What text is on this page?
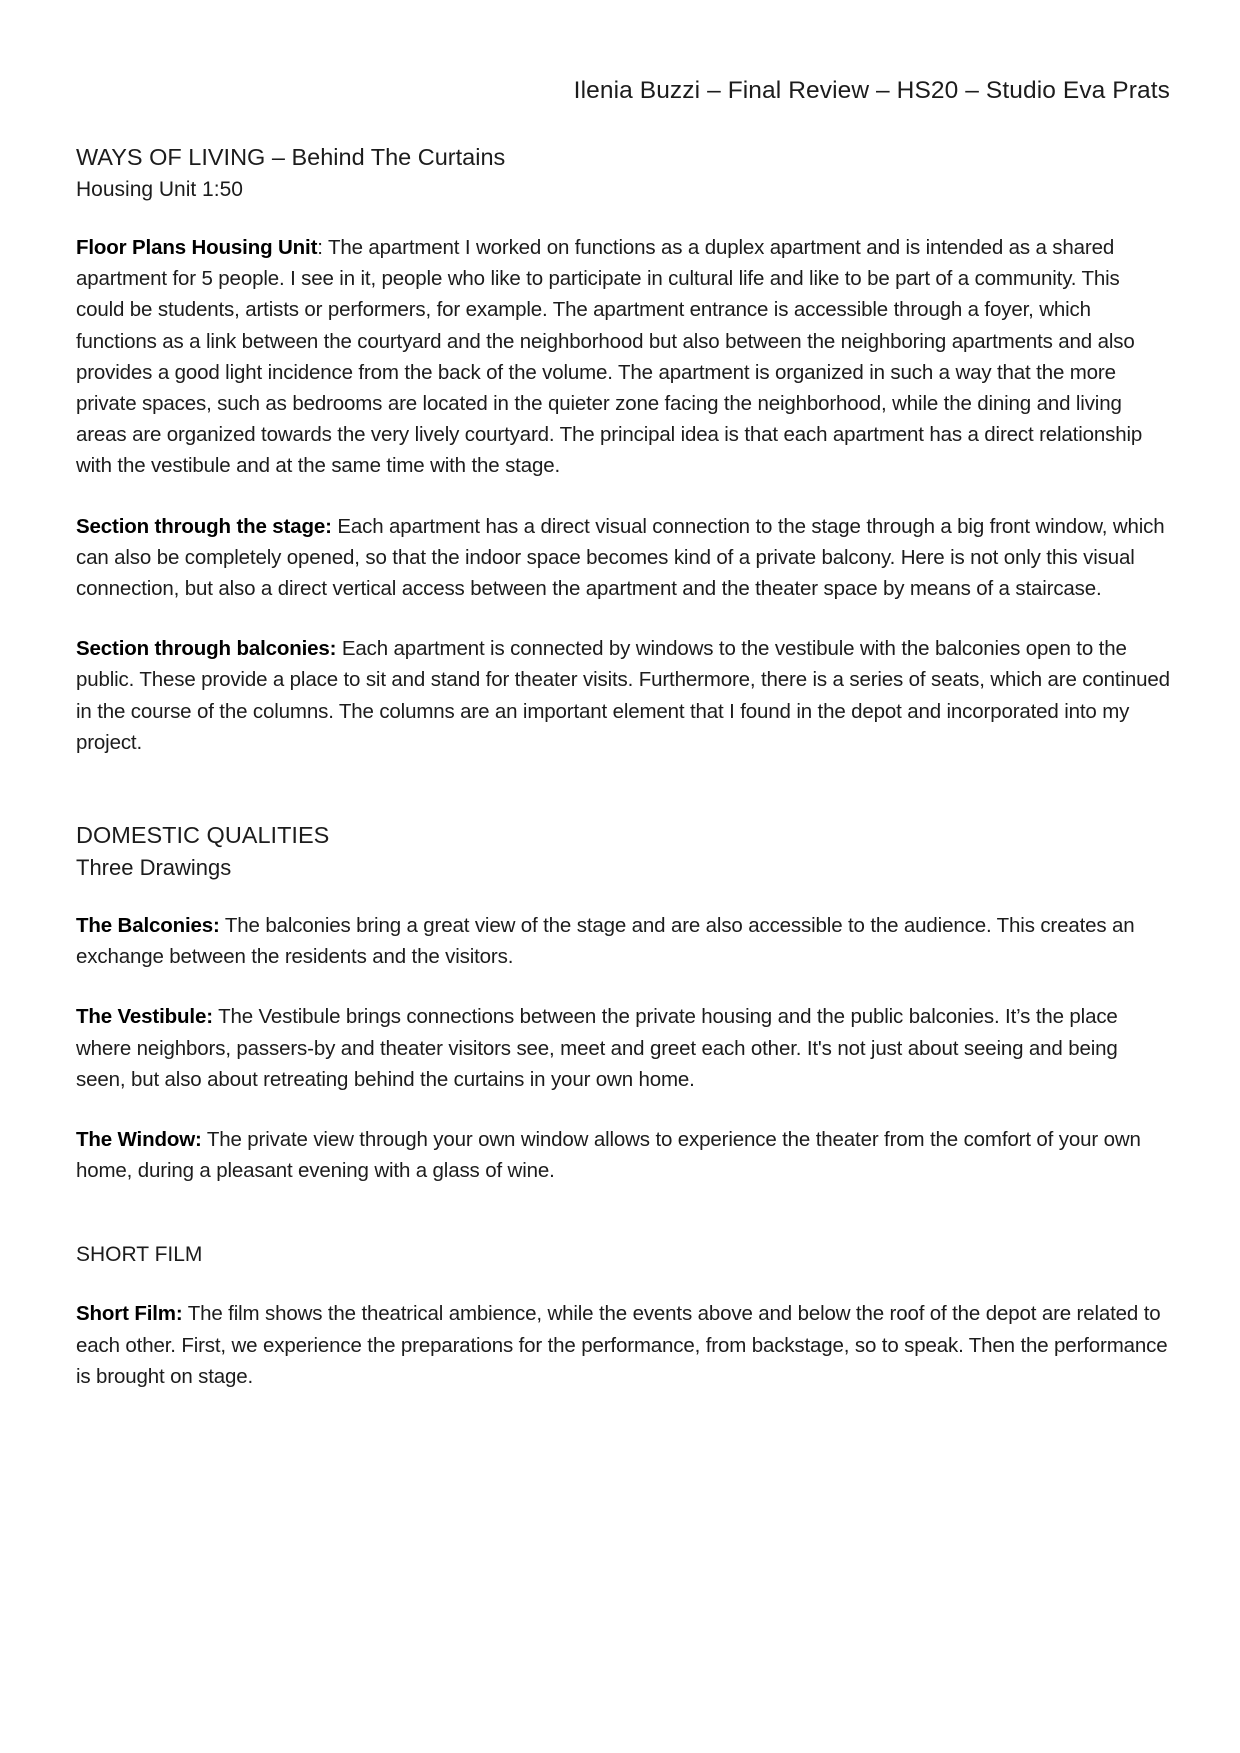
Ilenia Buzzi – Final Review – HS20 – Studio Eva Prats

WAYS OF LIVING – Behind The Curtains

Housing Unit 1:50

Floor Plans Housing Unit: The apartment I worked on functions as a duplex apartment and is intended as a shared apartment for 5 people. I see in it, people who like to participate in cultural life and like to be part of a community. This could be students, artists or performers, for example. The apartment entrance is accessible through a foyer, which functions as a link between the courtyard and the neighborhood but also between the neighboring apartments and also provides a good light incidence from the back of the volume. The apartment is organized in such a way that the more private spaces, such as bedrooms are located in the quieter zone facing the neighborhood, while the dining and living areas are organized towards the very lively courtyard. The principal idea is that each apartment has a direct relationship with the vestibule and at the same time with the stage.

Section through the stage: Each apartment has a direct visual connection to the stage through a big front window, which can also be completely opened, so that the indoor space becomes kind of a private balcony. Here is not only this visual connection, but also a direct vertical access between the apartment and the theater space by means of a staircase.

Section through balconies: Each apartment is connected by windows to the vestibule with the balconies open to the public. These provide a place to sit and stand for theater visits. Furthermore, there is a series of seats, which are continued in the course of the columns. The columns are an important element that I found in the depot and incorporated into my project.

DOMESTIC QUALITIES

Three Drawings

The Balconies: The balconies bring a great view of the stage and are also accessible to the audience. This creates an exchange between the residents and the visitors.

The Vestibule: The Vestibule brings connections between the private housing and the public balconies. It’s the place where neighbors, passers-by and theater visitors see, meet and greet each other. It's not just about seeing and being seen, but also about retreating behind the curtains in your own home.

The Window: The private view through your own window allows to experience the theater from the comfort of your own home, during a pleasant evening with a glass of wine.

SHORT FILM

Short Film: The film shows the theatrical ambience, while the events above and below the roof of the depot are related to each other. First, we experience the preparations for the performance, from backstage, so to speak. Then the performance is brought on stage.
